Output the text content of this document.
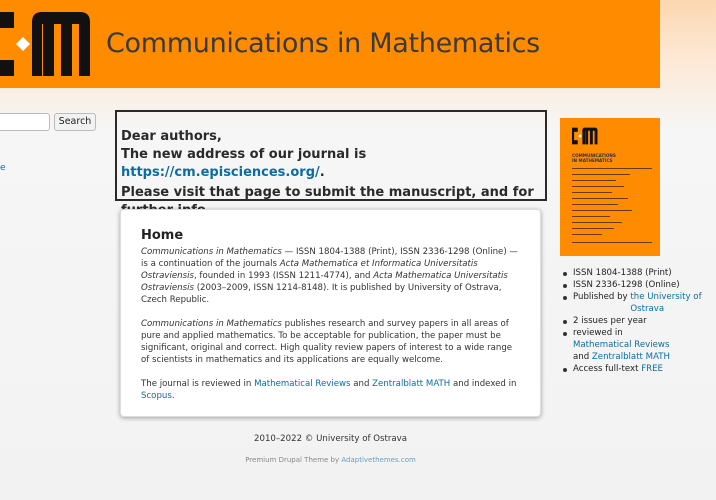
Communications in Mathematics
Search
e
Dear authors,
The new address of our journal is https://cm.episciences.org/.
Please visit that page to submit the manuscript, and for
Home

Communications in Mathematics — ISSN 1804-1388 (Print), ISSN 2336-1298 (Online) — is a continuation of the journals Acta Mathematica et Informatica Universitatis Ostraviensis, founded in 1993 (ISSN 1211-4774), and Acta Mathematica Universitatis Ostraviensis (2003–2009, ISSN 1214-8148). It is published by University of Ostrava, Czech Republic.

Communications in Mathematics publishes research and survey papers in all areas of pure and applied mathematics. To be acceptable for publication, the paper must be significant, original and correct. High quality review papers of interest to a wide range of scientists in mathematics and its applications are equally welcome.

The journal is reviewed in Mathematical Reviews and Zentralblatt MATH and indexed in Scopus.

2010–2022 © University of Ostrava
Premium Drupal Theme by Adaptivethemes.com
COMMUNICATIONS
IN MATHEMATICS
ISSN 1804-1388 (Print)
ISSN 2336-1298 (Online)
Published by the University of Ostrava
2 issues per year
reviewed in Mathematical Reviews and Zentralblatt MATH
Access full-text FREE
